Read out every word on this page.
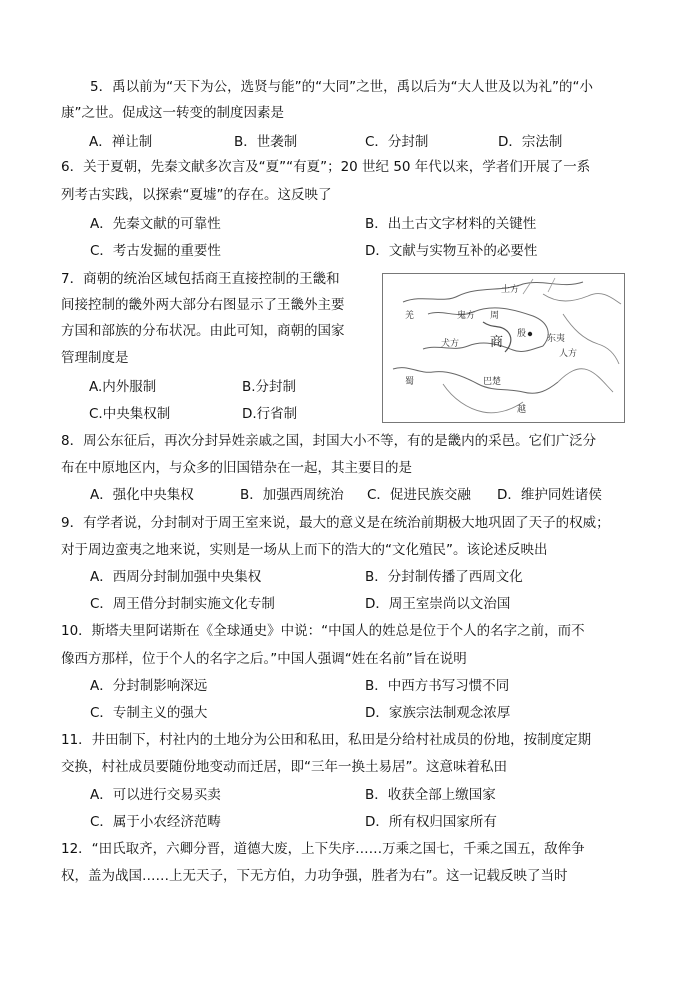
5．禹以前为“天下为公，选贤与能”的“大同”之世，禹以后为“大人世及以为礼”的“小
康”之世。促成这一转变的制度因素是
A．禅让制	B．世袭制	C．分封制	D．宗法制
6．关于夏朝，先秦文献多次言及“夏”“有夏”；20 世纪 50 年代以来，学者们开展了一系
列考古实践，以探索“夏墟”的存在。这反映了
A．先秦文献的可靠性	B．出土古文字材料的关键性
C．考古发掘的重要性	D．文献与实物互补的必要性
7．商朝的统治区域包括商王直接控制的王畿和
间接控制的畿外两大部分右图显示了王畿外主要
方国和部族的分布状况。由此可知，商朝的国家
管理制度是
A.内外服制	B.分封制
C.中央集权制	D.行省制
土方
羌	鬼方 周
殷
商	东夷
犬方
人方
蜀	巴楚
越
8．周公东征后，再次分封异姓亲戚之国，封国大小不等，有的是畿内的采邑。它们广泛分
布在中原地区内，与众多的旧国错杂在一起，其主要目的是
A．强化中央集权	B．加强西周统治 C．促进民族交融 D．维护同姓诸侯
9．有学者说，分封制对于周王室来说，最大的意义是在统治前期极大地巩固了天子的权威；
对于周边蛮夷之地来说，实则是一场从上而下的浩大的“文化殖民”。该论述反映出
A．西周分封制加强中央集权	B．分封制传播了西周文化
C．周王借分封制实施文化专制	D．周王室崇尚以文治国
10．斯塔夫里阿诺斯在《全球通史》中说：“中国人的姓总是位于个人的名字之前，而不
像西方那样，位于个人的名字之后。”中国人强调“姓在名前”旨在说明
A．分封制影响深远	B．中西方书写习惯不同
C．专制主义的强大	D．家族宗法制观念浓厚
11．井田制下，村社内的土地分为公田和私田，私田是分给村社成员的份地，按制度定期
交换，村社成员要随份地变动而迁居，即“三年一换土易居”。这意味着私田
A．可以进行交易买卖	B．收获全部上缴国家
C．属于小农经济范畴	D．所有权归国家所有
12．“田氏取齐，六卿分晋，道德大废，上下失序……万乘之国七，千乘之国五，敌侔争
权，盖为战国……上无天子，下无方伯，力功争强，胜者为右”。这一记载反映了当时
